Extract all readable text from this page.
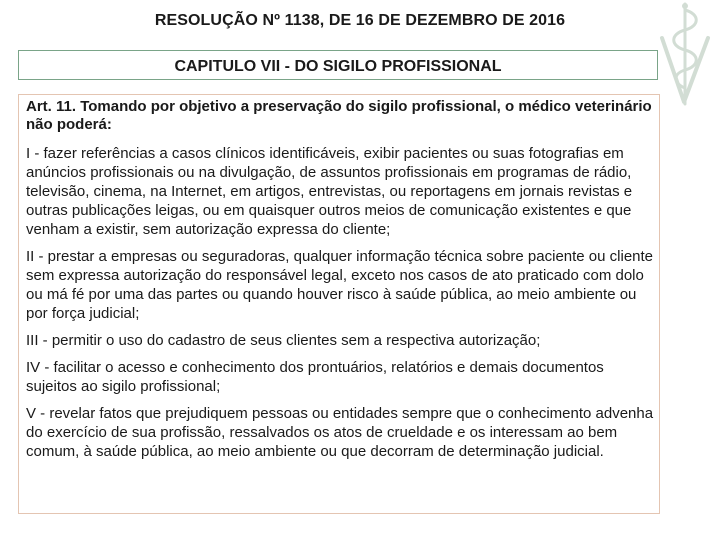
RESOLUÇÃO Nº 1138, DE 16 DE DEZEMBRO DE 2016
CAPITULO VII - DO SIGILO PROFISSIONAL

Art. 11. Tomando por objetivo a preservação do sigilo profissional, o médico veterinário não poderá:

I - fazer referências a casos clínicos identificáveis, exibir pacientes ou suas fotografias em anúncios profissionais ou na divulgação, de assuntos profissionais em programas de rádio, televisão, cinema, na Internet, em artigos, entrevistas, ou reportagens em jornais revistas e outras publicações leigas, ou em quaisquer outros meios de comunicação existentes e que venham a existir, sem autorização expressa do cliente;

II - prestar a empresas ou seguradoras, qualquer informação técnica sobre paciente ou cliente sem expressa autorização do responsável legal, exceto nos casos de ato praticado com dolo ou má fé por uma das partes ou quando houver risco à saúde pública, ao meio ambiente ou por força judicial;

III - permitir o uso do cadastro de seus clientes sem a respectiva autorização;

IV - facilitar o acesso e conhecimento dos prontuários, relatórios e demais documentos sujeitos ao sigilo profissional;

V - revelar fatos que prejudiquem pessoas ou entidades sempre que o conhecimento advenha do exercício de sua profissão, ressalvados os atos de crueldade e os interessam ao bem comum, à saúde pública, ao meio ambiente ou que decorram de determinação judicial.
